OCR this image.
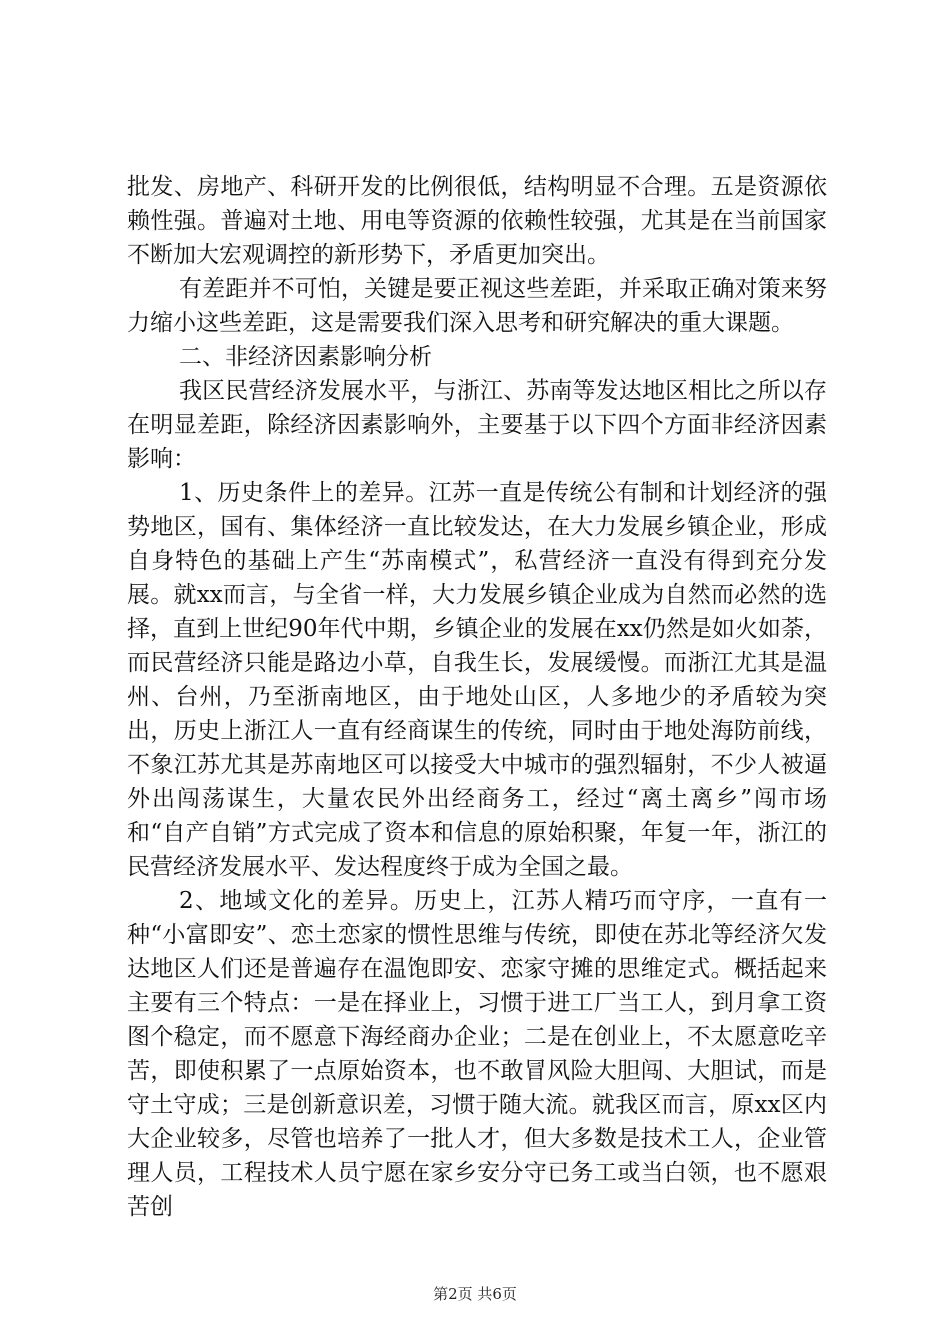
批发、房地产、科研开发的比例很低，结构明显不合理。五是资源依赖性强。普遍对土地、用电等资源的依赖性较强，尤其是在当前国家不断加大宏观调控的新形势下，矛盾更加突出。

有差距并不可怕，关键是要正视这些差距，并采取正确对策来努力缩小这些差距，这是需要我们深入思考和研究解决的重大课题。

二、非经济因素影响分析

我区民营经济发展水平，与浙江、苏南等发达地区相比之所以存在明显差距，除经济因素影响外，主要基于以下四个方面非经济因素影响：

1、历史条件上的差异。江苏一直是传统公有制和计划经济的强势地区，国有、集体经济一直比较发达，在大力发展乡镇企业，形成自身特色的基础上产生“苏南模式”，私营经济一直没有得到充分发展。就xx而言，与全省一样，大力发展乡镇企业成为自然而必然的选择，直到上世纪90年代中期，乡镇企业的发展在xx仍然是如火如荼，而民营经济只能是路边小草，自我生长，发展缓慢。而浙江尤其是温州、台州，乃至浙南地区，由于地处山区，人多地少的矛盾较为突出，历史上浙江人一直有经商谋生的传统，同时由于地处海防前线，不象江苏尤其是苏南地区可以接受大中城市的强烈辐射，不少人被逼外出闯荡谋生，大量农民外出经商务工，经过“离土离乡”闯市场和“自产自销”方式完成了资本和信息的原始积聚，年复一年，浙江的民营经济发展水平、发达程度终于成为全国之最。

2、地域文化的差异。历史上，江苏人精巧而守序，一直有一种“小富即安”、恋土恋家的惯性思维与传统，即使在苏北等经济欠发达地区人们还是普遍存在温饱即安、恋家守摊的思维定式。概括起来主要有三个特点：一是在择业上，习惯于进工厂当工人，到月拿工资图个稳定，而不愿意下海经商办企业；二是在创业上，不太愿意吃辛苦，即使积累了一点原始资本，也不敢冒风险大胆闯、大胆试，而是守土守成；三是创新意识差，习惯于随大流。就我区而言，原xx区内大企业较多，尽管也培养了一批人才，但大多数是技术工人，企业管理人员，工程技术人员宁愿在家乡安分守已务工或当白领，也不愿艰苦创

第2页 共6页
